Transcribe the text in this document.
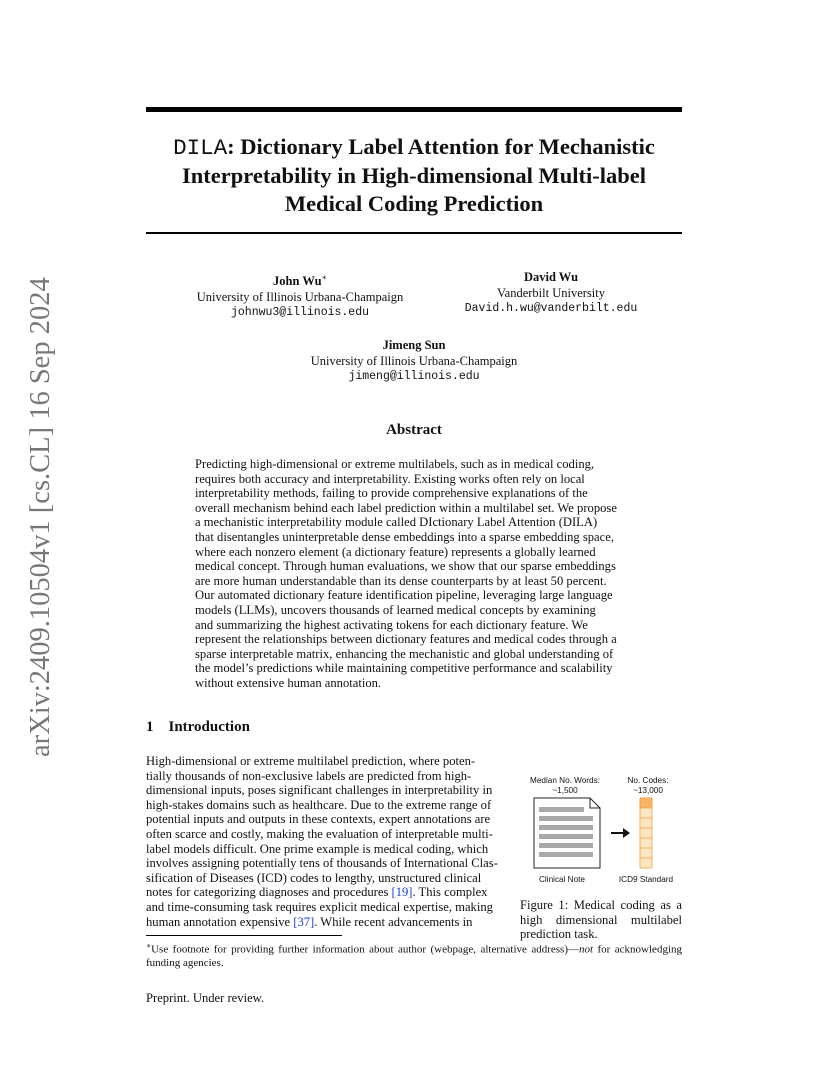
arXiv:2409.10504v1 [cs.CL] 16 Sep 2024
DILA: Dictionary Label Attention for Mechanistic
Interpretability in High-dimensional Multi-label
Medical Coding Prediction
John Wu∗
University of Illinois Urbana-Champaign
johnwu3@illinois.edu
David Wu
Vanderbilt University
David.h.wu@vanderbilt.edu
Jimeng Sun
University of Illinois Urbana-Champaign
jimeng@illinois.edu
Abstract
Predicting high-dimensional or extreme multilabels, such as in medical coding,
requires both accuracy and interpretability. Existing works often rely on local
interpretability methods, failing to provide comprehensive explanations of the
overall mechanism behind each label prediction within a multilabel set. We propose
a mechanistic interpretability module called DIctionary Label Attention (DILA)
that disentangles uninterpretable dense embeddings into a sparse embedding space,
where each nonzero element (a dictionary feature) represents a globally learned
medical concept. Through human evaluations, we show that our sparse embeddings
are more human understandable than its dense counterparts by at least 50 percent.
Our automated dictionary feature identification pipeline, leveraging large language
models (LLMs), uncovers thousands of learned medical concepts by examining
and summarizing the highest activating tokens for each dictionary feature. We
represent the relationships between dictionary features and medical codes through a
sparse interpretable matrix, enhancing the mechanistic and global understanding of
the model’s predictions while maintaining competitive performance and scalability
without extensive human annotation.
1 Introduction
High-dimensional or extreme multilabel prediction, where poten-
tially thousands of non-exclusive labels are predicted from high-
dimensional inputs, poses significant challenges in interpretability in
high-stakes domains such as healthcare. Due to the extreme range of
potential inputs and outputs in these contexts, expert annotations are
often scarce and costly, making the evaluation of interpretable multi-
label models difficult. One prime example is medical coding, which
involves assigning potentially tens of thousands of International Clas-
sification of Diseases (ICD) codes to lengthy, unstructured clinical
notes for categorizing diagnoses and procedures [19]. This complex
and time-consuming task requires explicit medical expertise, making
human annotation expensive [37]. While recent advancements in
Median No. Words:
~1,500
No. Codes:
~13,000
Clinical Note	ICD9 Standard
Figure 1: Medical coding as a high dimensional multilabel prediction task.
∗Use footnote for providing further information about author (webpage, alternative address)—not for acknowledging funding agencies.
Preprint. Under review.
